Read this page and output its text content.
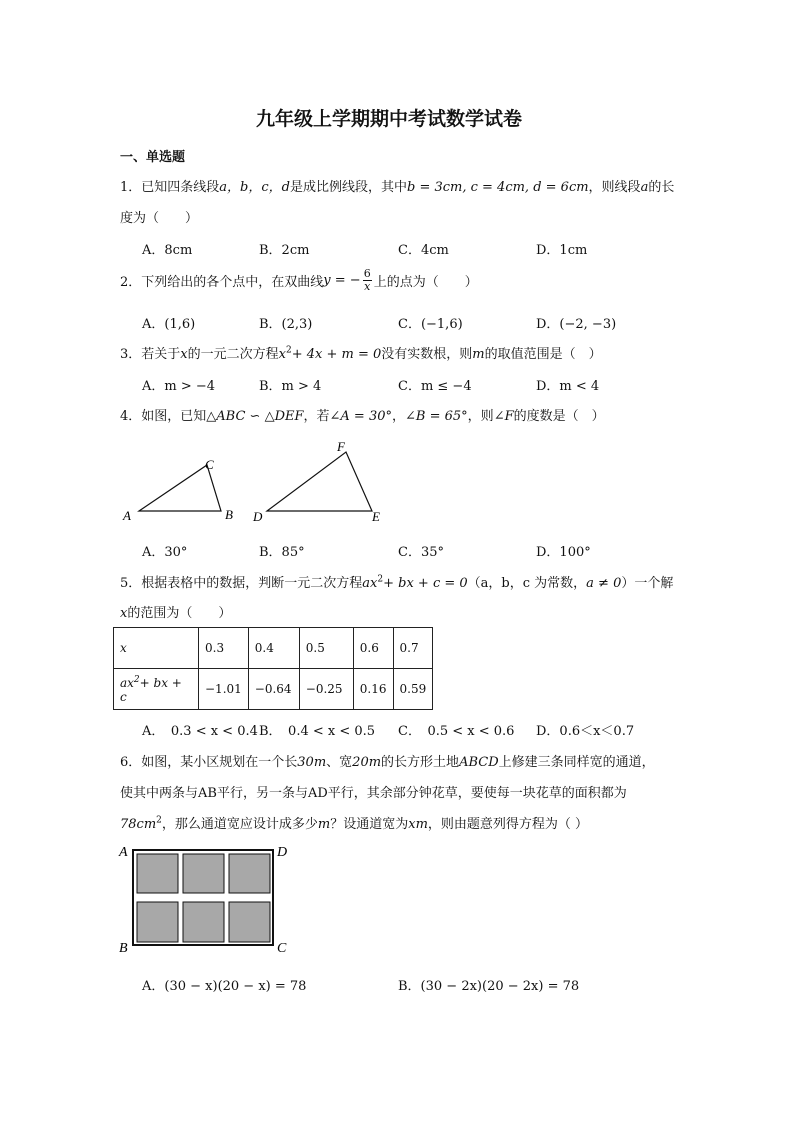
九年级上学期期中考试数学试卷
一、单选题
1．已知四条线段a，b，c，d是成比例线段，其中b = 3cm, c = 4cm, d = 6cm，则线段a的长
度为（　　）
A．8cm	B．2cm	C．4cm	D．1cm
2．下列给出的各个点中，在双曲线 y = − $\frac{6}{x}$ 上的点为（　　）
A．(1,6)	B．(2,3)	C．(−1,6)	D．(−2, −3)
3．若关于x的一元二次方程$x^2+ 4x + m = 0$没有实数根，则m的取值范围是（　）
A．m > −4	B．m > 4	C．m ≤ −4	D．m < 4
4．如图，已知△ABC ∽ △DEF，若∠A = 30°，∠B = 65°，则∠F的度数是（　）
A	B
C
D	E
F
A．30°	B．85°	C．35°	D．100°
5．根据表格中的数据，判断一元二次方程$ax^2+$ bx + c = 0（a，b，c 为常数，a ≠ 0）一个解
x的范围为（　　）
x	0.3	0.4	0.5	0.6	0.7
$ax^2+$ bx + c	−1.01	−0.64	−0.25	0.16	0.59
A．　0.3 < x < 0.4 B．　0.4 < x < 0.5 C．　0.5 < x < 0.6 D．0.6＜x＜0.7
6．如图，某小区规划在一个长30m、宽20m的长方形土地ABCD上修建三条同样宽的通道，
使其中两条与AB平行，另一条与AD平行，其余部分钟花草，要使每一块花草的面积都为
$78cm^2$，那么通道宽应设计成多少m？设通道宽为xm，则由题意列得方程为（ ）
A	D
B	C
A．(30 − x)(20 − x) = 78	B．(30 − 2x)(20 − 2x) = 78
